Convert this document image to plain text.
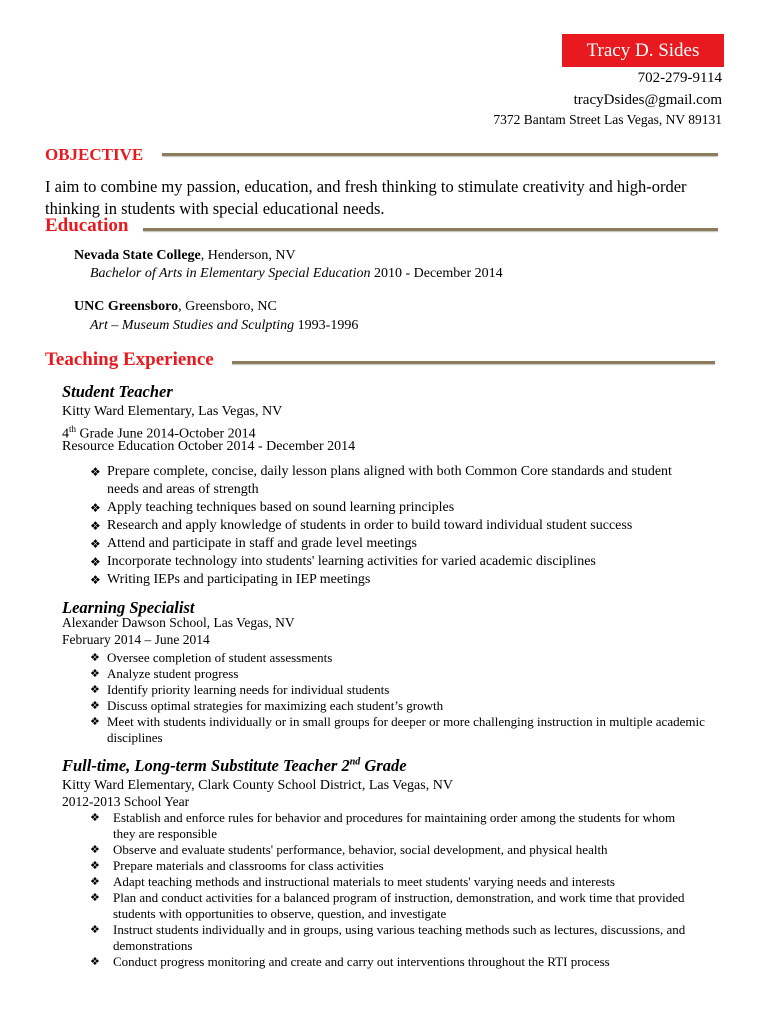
Tracy D. Sides
702-279-9114
tracyDsides@gmail.com
7372 Bantam Street Las Vegas, NV 89131
OBJECTIVE
I aim to combine my passion, education, and fresh thinking to stimulate creativity and high-order thinking in students with special educational needs.
Education
Nevada State College, Henderson, NV
Bachelor of Arts in Elementary Special Education 2010 - December 2014
UNC Greensboro, Greensboro, NC
Art – Museum Studies and Sculpting 1993-1996
Teaching Experience
Student Teacher
Kitty Ward Elementary, Las Vegas, NV
4th Grade June 2014-October 2014
Resource Education October 2014 - December 2014
❖ Prepare complete, concise, daily lesson plans aligned with both Common Core standards and student needs and areas of strength
❖ Apply teaching techniques based on sound learning principles
❖ Research and apply knowledge of students in order to build toward individual student success
❖ Attend and participate in staff and grade level meetings
❖ Incorporate technology into students' learning activities for varied academic disciplines
❖ Writing IEPs and participating in IEP meetings
Learning Specialist
Alexander Dawson School, Las Vegas, NV
February 2014 – June 2014
❖ Oversee completion of student assessments
❖ Analyze student progress
❖ Identify priority learning needs for individual students
❖ Discuss optimal strategies for maximizing each student’s growth
❖ Meet with students individually or in small groups for deeper or more challenging instruction in multiple academic disciplines
Full-time, Long-term Substitute Teacher 2nd Grade
Kitty Ward Elementary, Clark County School District, Las Vegas, NV
2012-2013 School Year
❖ Establish and enforce rules for behavior and procedures for maintaining order among the students for whom they are responsible
❖ Observe and evaluate students' performance, behavior, social development, and physical health
❖ Prepare materials and classrooms for class activities
❖ Adapt teaching methods and instructional materials to meet students' varying needs and interests
❖ Plan and conduct activities for a balanced program of instruction, demonstration, and work time that provided students with opportunities to observe, question, and investigate
❖ Instruct students individually and in groups, using various teaching methods such as lectures, discussions, and demonstrations
❖ Conduct progress monitoring and create and carry out interventions throughout the RTI process
